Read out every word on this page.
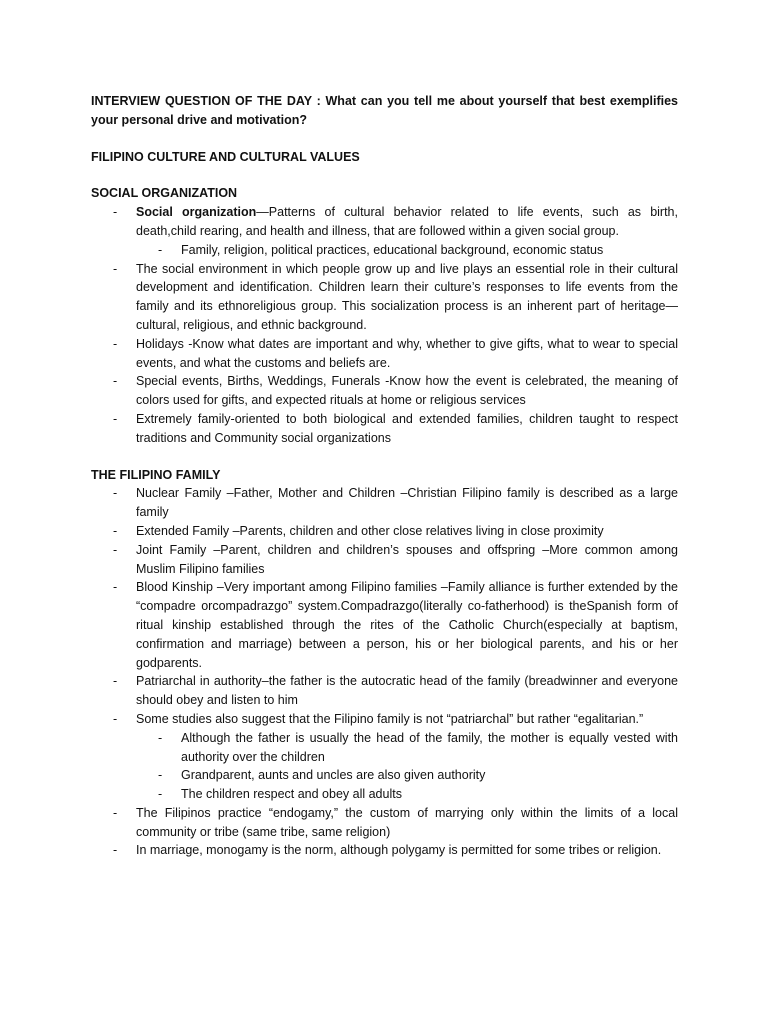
INTERVIEW QUESTION OF THE DAY : What can you tell me about yourself that best exemplifies your personal drive and motivation?

FILIPINO CULTURE AND CULTURAL VALUES

SOCIAL ORGANIZATION

- Social organization—Patterns of cultural behavior related to life events, such as birth, death,child rearing, and health and illness, that are followed within a given social group.
- Family, religion, political practices, educational background, economic status
- The social environment in which people grow up and live plays an essential role in their cultural development and identification. Children learn their culture’s responses to life events from the family and its ethnoreligious group. This socialization process is an inherent part of heritage—cultural, religious, and ethnic background.
- Holidays -Know what dates are important and why, whether to give gifts, what to wear to special events, and what the customs and beliefs are.
- Special events, Births, Weddings, Funerals -Know how the event is celebrated, the meaning of colors used for gifts, and expected rituals at home or religious services
- Extremely family-oriented to both biological and extended families, children taught to respect traditions and Community social organizations

THE FILIPINO FAMILY

- Nuclear Family –Father, Mother and Children –Christian Filipino family is described as a large family
- Extended Family –Parents, children and other close relatives living in close proximity
- Joint Family –Parent, children and children’s spouses and offspring –More common among Muslim Filipino families
- Blood Kinship –Very important among Filipino families –Family alliance is further extended by the “compadre orcompadrazgo” system.Compadrazgo(literally co-fatherhood) is theSpanish form of ritual kinship established through the rites of the Catholic Church(especially at baptism, confirmation and marriage) between a person, his or her biological parents, and his or her godparents.
- Patriarchal in authority–the father is the autocratic head of the family (breadwinner and everyone should obey and listen to him
- Some studies also suggest that the Filipino family is not “patriarchal” but rather “egalitarian.”
- Although the father is usually the head of the family, the mother is equally vested with authority over the children
- Grandparent, aunts and uncles are also given authority
- The children respect and obey all adults
- The Filipinos practice “endogamy,” the custom of marrying only within the limits of a local community or tribe (same tribe, same religion)
- In marriage, monogamy is the norm, although polygamy is permitted for some tribes or religion.
